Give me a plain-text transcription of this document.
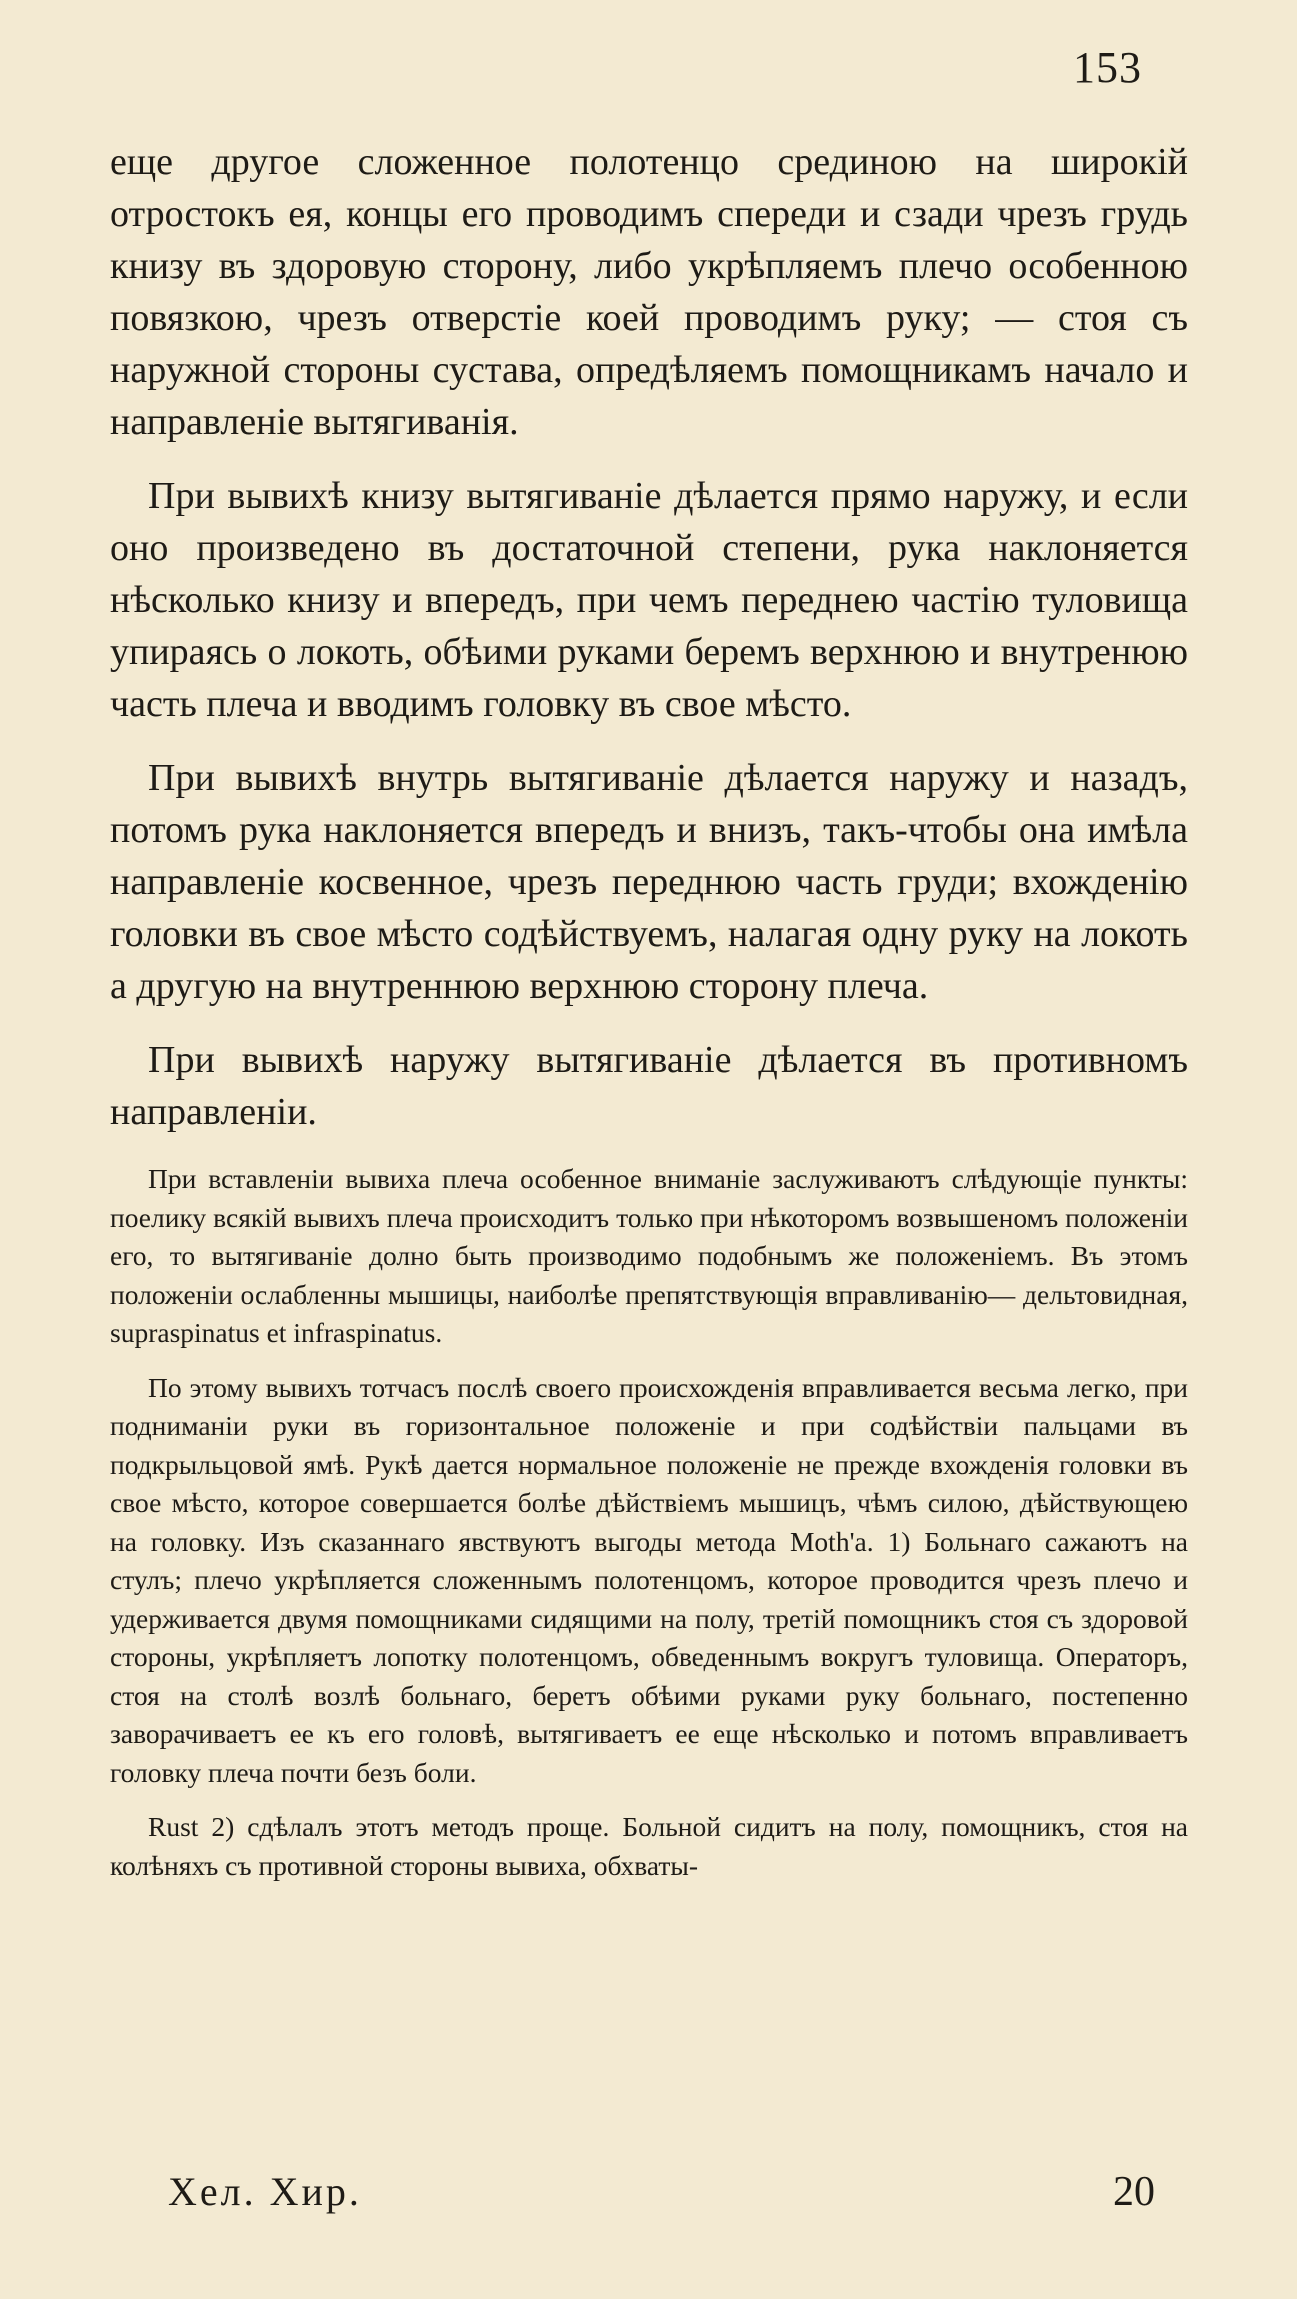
153

еще другое сложенное полотенцо срединою на широкій отростокъ ея, концы его проводимъ спереди и сзади чрезъ грудь книзу въ здоровую сторону, либо укрѣпляемъ плечо особенною повязкою, чрезъ отверстіе коей проводимъ руку; — стоя съ наружной стороны сустава, опредѣляемъ помощникамъ начало и направленіе вытягиванія.

При вывихѣ книзу вытягиваніе дѣлается прямо наружу, и если оно произведено въ достаточной степени, рука наклоняется нѣсколько книзу и впередъ, при чемъ переднею частію туловища упираясь о локоть, обѣими руками беремъ верхнюю и внутренюю часть плеча и вводимъ головку въ свое мѣсто.

При вывихѣ внутрь вытягиваніе дѣлается наружу и назадъ, потомъ рука наклоняется впередъ и внизъ, такъ-чтобы она имѣла направленіе косвенное, чрезъ переднюю часть груди; вхожденію головки въ свое мѣсто содѣйствуемъ, налагая одну руку на локоть а другую на внутреннюю верхнюю сторону плеча.

При вывихѣ наружу вытягиваніе дѣлается въ противномъ направленіи.

При вставленіи вывиха плеча особенное вниманіе заслуживаютъ слѣдующіе пункты: поелику всякій вывихъ плеча происходитъ только при нѣкоторомъ возвышеномъ положеніи его, то вытягиваніе долно быть производимо подобнымъ же положеніемъ. Въ этомъ положеніи ослабленны мышицы, наиболѣе препятствующія вправливанію— дельтовидная, supraspinatus et infraspinatus.

По этому вывихъ тотчасъ послѣ своего происхожденія вправливается весьма легко, при подниманіи руки въ горизонтальное положеніе и при содѣйствіи пальцами въ подкрыльцовой ямѣ. Рукѣ дается нормальное положеніе не прежде вхожденія головки въ свое мѣсто, которое совершается болѣе дѣйствіемъ мышицъ, чѣмъ силою, дѣйствующею на головку. Изъ сказаннаго явствуютъ выгоды метода Moth'a. 1) Больнаго сажаютъ на стулъ; плечо укрѣпляется сложеннымъ полотенцомъ, которое проводится чрезъ плечо и удерживается двумя помощниками сидящими на полу, третій помощникъ стоя съ здоровой стороны, укрѣпляетъ лопотку полотенцомъ, обведеннымъ вокругъ туловища. Операторъ, стоя на столѣ возлѣ больнаго, беретъ обѣими руками руку больнаго, постепенно заворачиваетъ ее къ его головѣ, вытягиваетъ ее еще нѣсколько и потомъ вправливаетъ головку плеча почти безъ боли.

Rust 2) сдѣлалъ этотъ методъ проще. Больной сидитъ на полу, помощникъ, стоя на колѣняхъ съ противной стороны вывиха, обхваты-

Хел. Хир.	20
